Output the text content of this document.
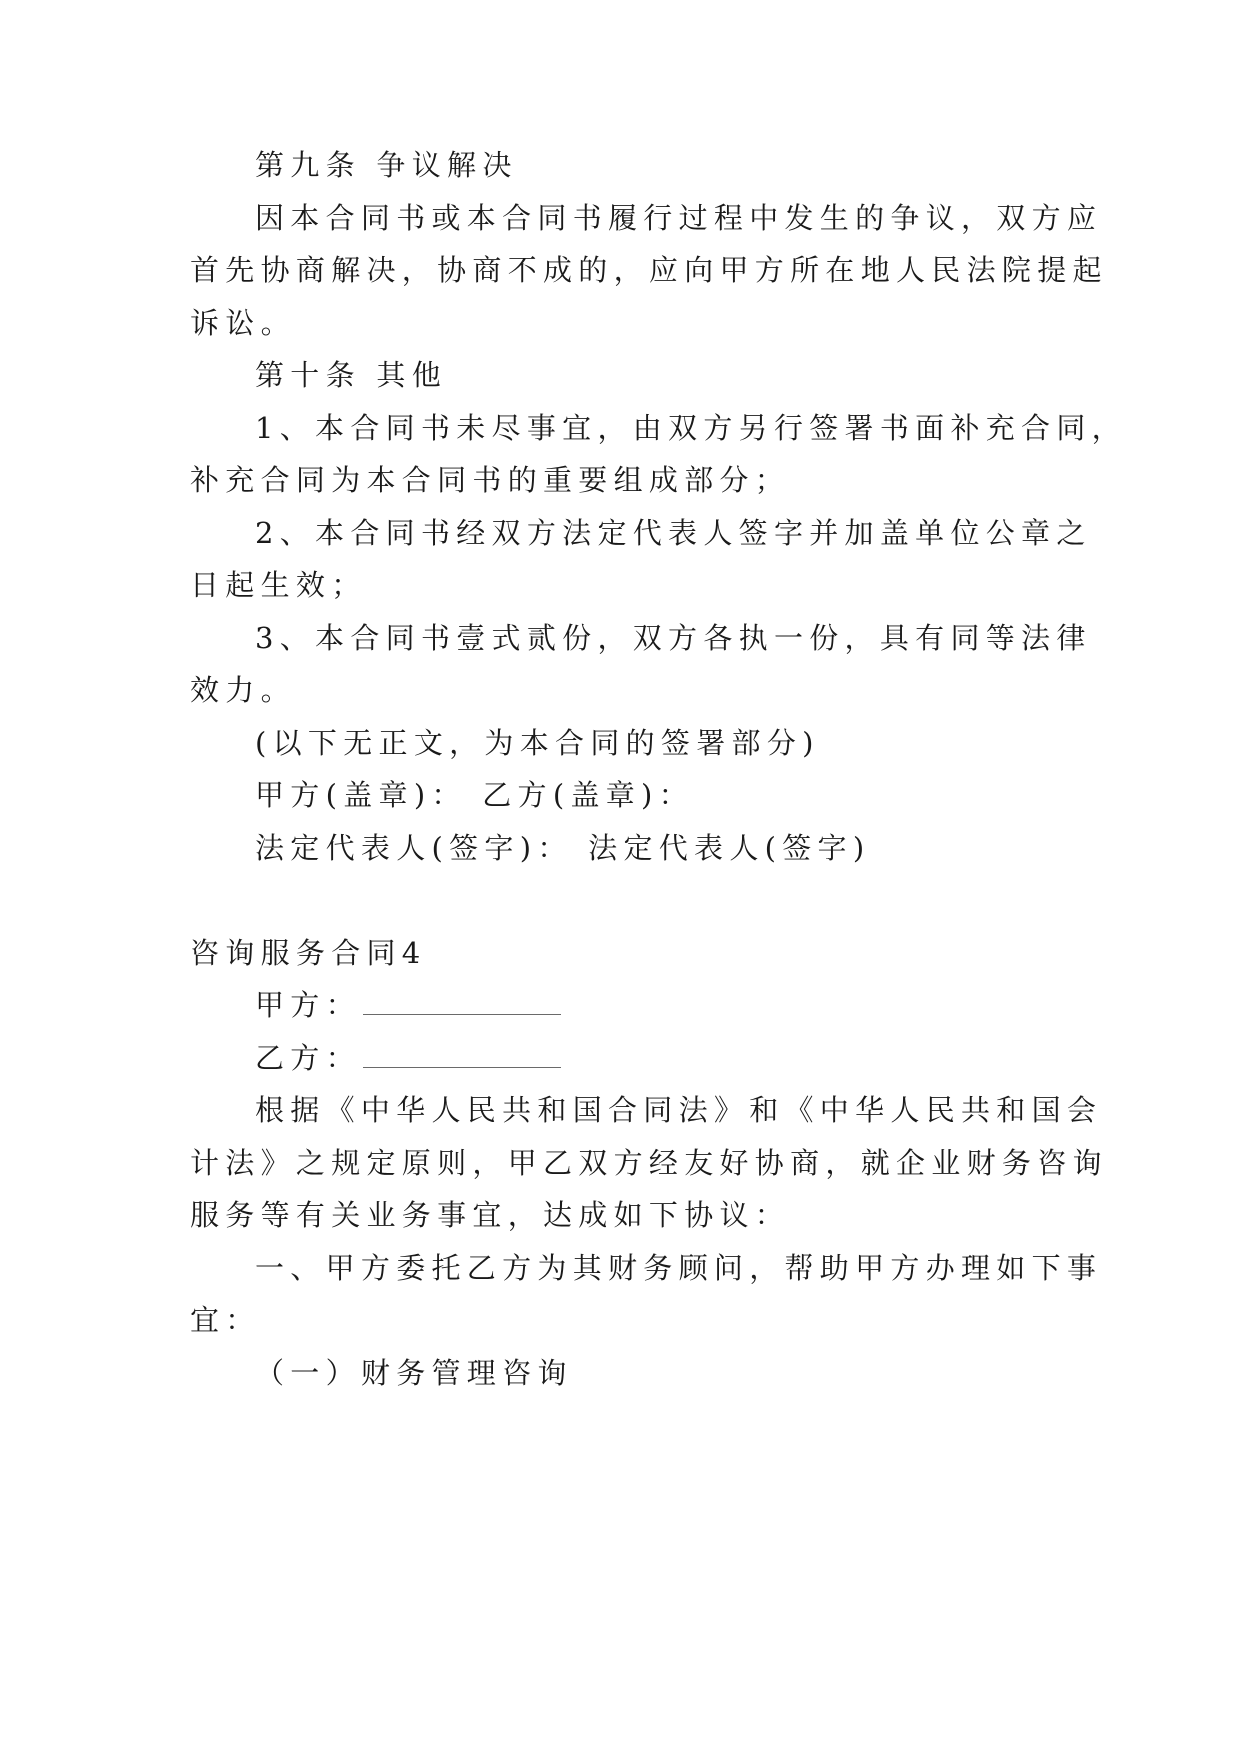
第九条 争议解决
因本合同书或本合同书履行过程中发生的争议，双方应
首先协商解决，协商不成的，应向甲方所在地人民法院提起
诉讼。
第十条 其他
1、本合同书未尽事宜，由双方另行签署书面补充合同，
补充合同为本合同书的重要组成部分；
2、本合同书经双方法定代表人签字并加盖单位公章之
日起生效；
3、本合同书壹式贰份，双方各执一份，具有同等法律
效力。
(以下无正文，为本合同的签署部分)
甲方(盖章)： 乙方(盖章)：
法定代表人(签字)： 法定代表人(签字)
咨询服务合同4
甲方：
乙方：
根据《中华人民共和国合同法》和《中华人民共和国会
计法》之规定原则，甲乙双方经友好协商，就企业财务咨询
服务等有关业务事宜，达成如下协议：
一、甲方委托乙方为其财务顾问，帮助甲方办理如下事
宜：
（一）财务管理咨询
